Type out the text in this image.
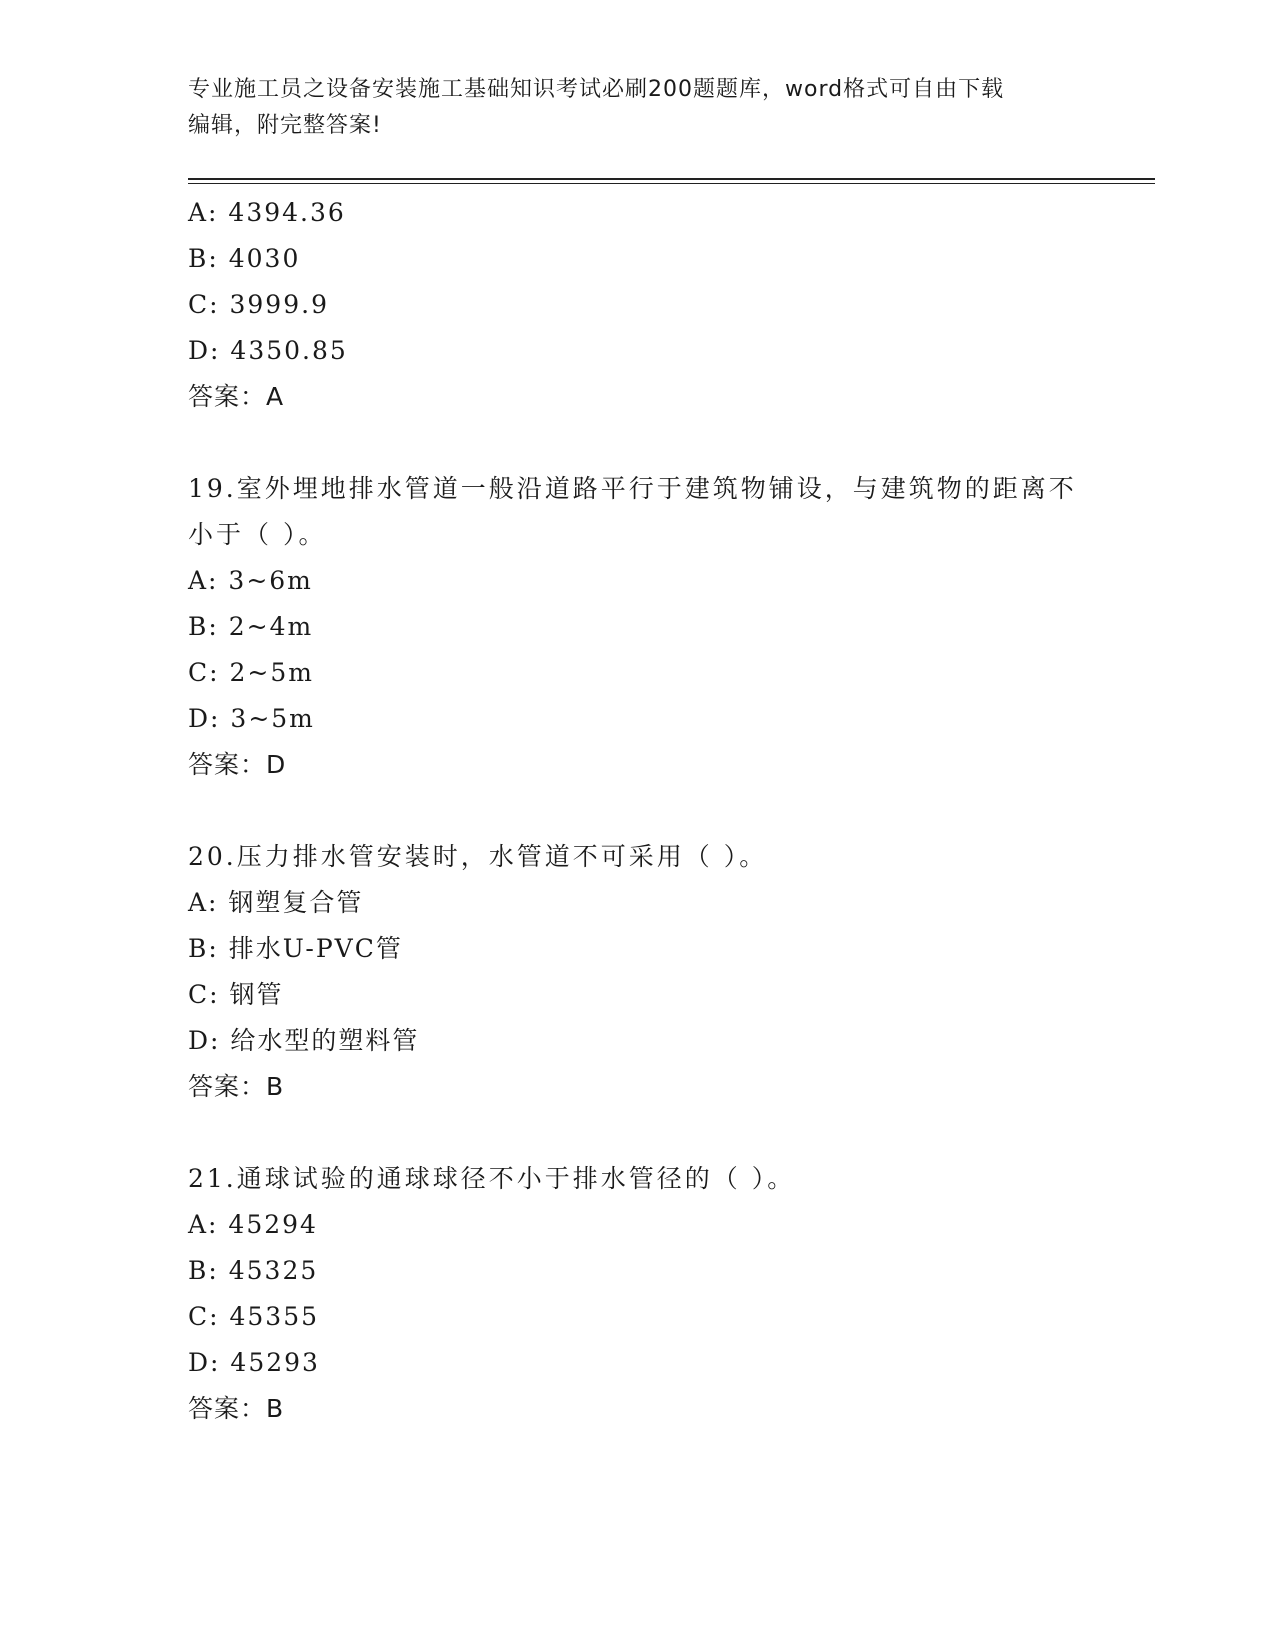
专业施工员之设备安装施工基础知识考试必刷200题题库，word格式可自由下载
编辑，附完整答案!
A: 4394.36
B: 4030
C: 3999.9
D: 4350.85
答案：A
19.室外埋地排水管道一般沿道路平行于建筑物铺设，与建筑物的距离不小于（ ）。
A: 3~6m
B: 2~4m
C: 2~5m
D: 3~5m
答案：D
20.压力排水管安装时，水管道不可采用（ ）。
A: 钢塑复合管
B: 排水U-PVC管
C: 钢管
D: 给水型的塑料管
答案：B
21.通球试验的通球球径不小于排水管径的（ ）。
A: 45294
B: 45325
C: 45355
D: 45293
答案：B
